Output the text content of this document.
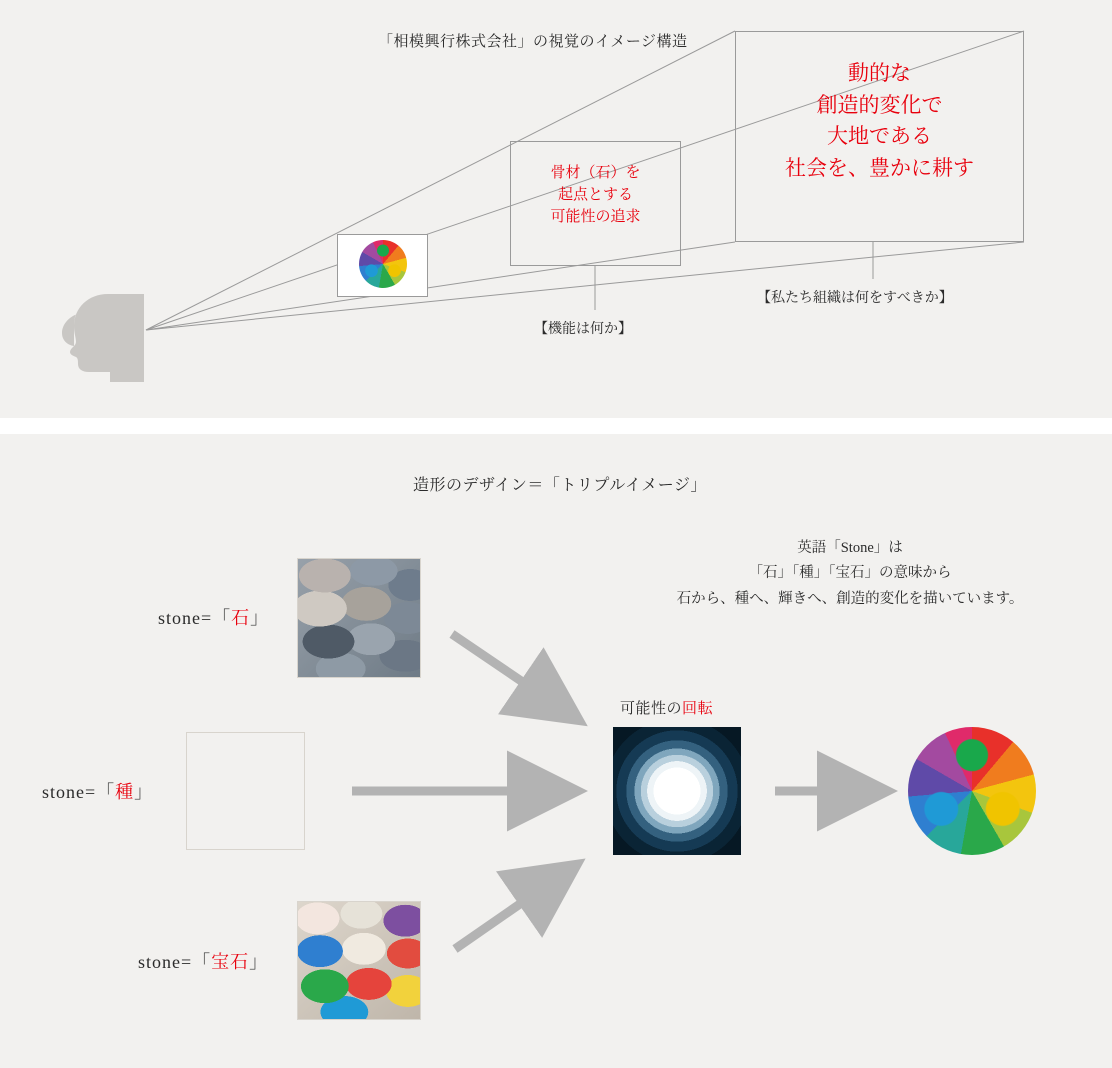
「相模興行株式会社」の視覚のイメージ構造
骨材（石）を
起点とする
可能性の追求
動的な
創造的変化で
大地である
社会を、豊かに耕す
【機能は何か】
【私たち組織は何をすべきか】
造形のデザイン＝「トリプルイメージ」
英語「Stone」は
「石」「種」「宝石」の意味から
石から、種へ、輝きへ、創造的変化を描いています。
stone=「石」
stone=「種」
stone=「宝石」
可能性の回転
